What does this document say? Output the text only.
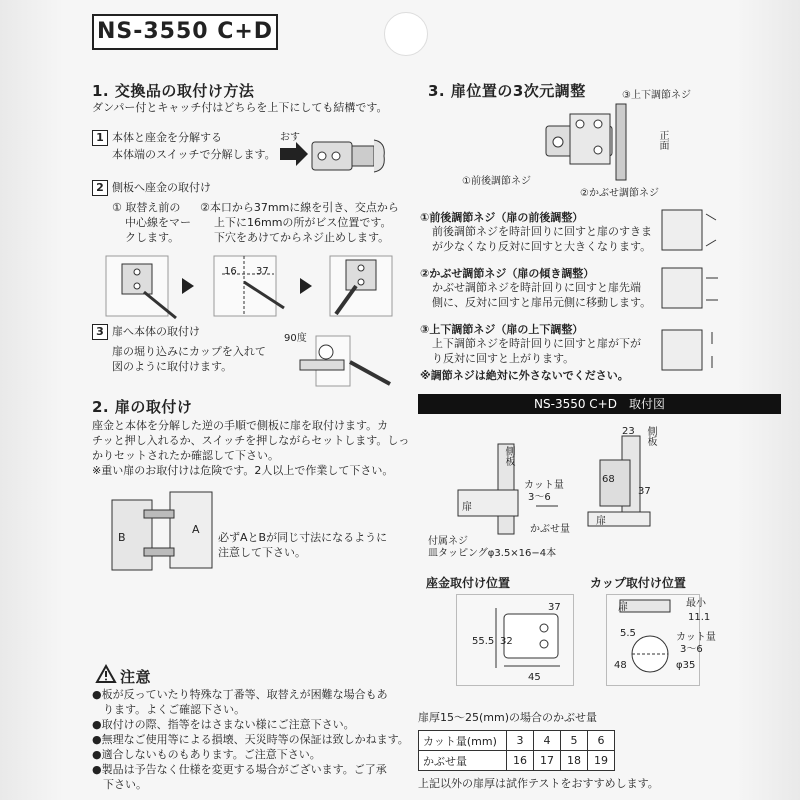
NS-3550 C+D
1. 交換品の取付け方法
ダンパー付とキャッチ付はどちらを上下にしても結構です。
1 本体と座金を分解する
本体端のスイッチで分解します。
おす
2 側板へ座金の取付け
① 取替え前の
中心線をマー
クします。
②本口から37mmに線を引き、交点から
上下に16mmの所がビス位置です。
下穴をあけてからネジ止めします。
16 37
3 扉へ本体の取付け
扉の堀り込みにカップを入れて
図のように取付けます。
90度
2. 扉の取付け
座金と本体を分解した逆の手順で側板に扉を取付けます。カ
チッと押し入れるか、スイッチを押しながらセットします。しっ
かりセットされたか確認して下さい。
※重い扉のお取付けは危険です。2人以上で作業して下さい。
B
A
必ずAとBが同じ寸法になるように
注意して下さい。
注意
●板が反っていたり特殊な丁番等、取替えが困難な場合もあ
　ります。よくご確認下さい。
●取付けの際、指等をはさまない様にご注意下さい。
●無理なご使用等による損壊、天災時等の保証は致しかねます。
●適合しないものもあります。ご注意下さい。
●製品は予告なく仕様を変更する場合がございます。ご了承
　下さい。
3. 扉位置の3次元調整	③上下調節ネジ
正面
①前後調節ネジ
②かぶせ調節ネジ
①前後調節ネジ（扉の前後調整）
前後調節ネジを時計回りに回すと扉のすきま
が少なくなり反対に回すと大きくなります。
②かぶせ調節ネジ（扉の傾き調整）
かぶせ調節ネジを時計回りに回すと扉先端
側に、反対に回すと扉吊元側に移動します。
③上下調節ネジ（扉の上下調整）
上下調節ネジを時計回りに回すと扉が下が
り反対に回すと上がります。
※調節ネジは絶対に外さないでください。
NS-3550 C+D　取付図
側板
扉
カット量
3〜6
かぶせ量
付属ネジ
皿タッピングφ3.5×16−4本
23	側板
68
37
扉
座金取付け位置
37
55.5 32
45
カップ取付け位置
扉	最小
11.1
5.5	カット量
3〜6
48	φ35
扉厚15〜25(mm)の場合のかぶせ量
カット量(mm)	3	4	5	6
かぶせ量	16	17	18	19
上記以外の扉厚は試作テストをおすすめします。
